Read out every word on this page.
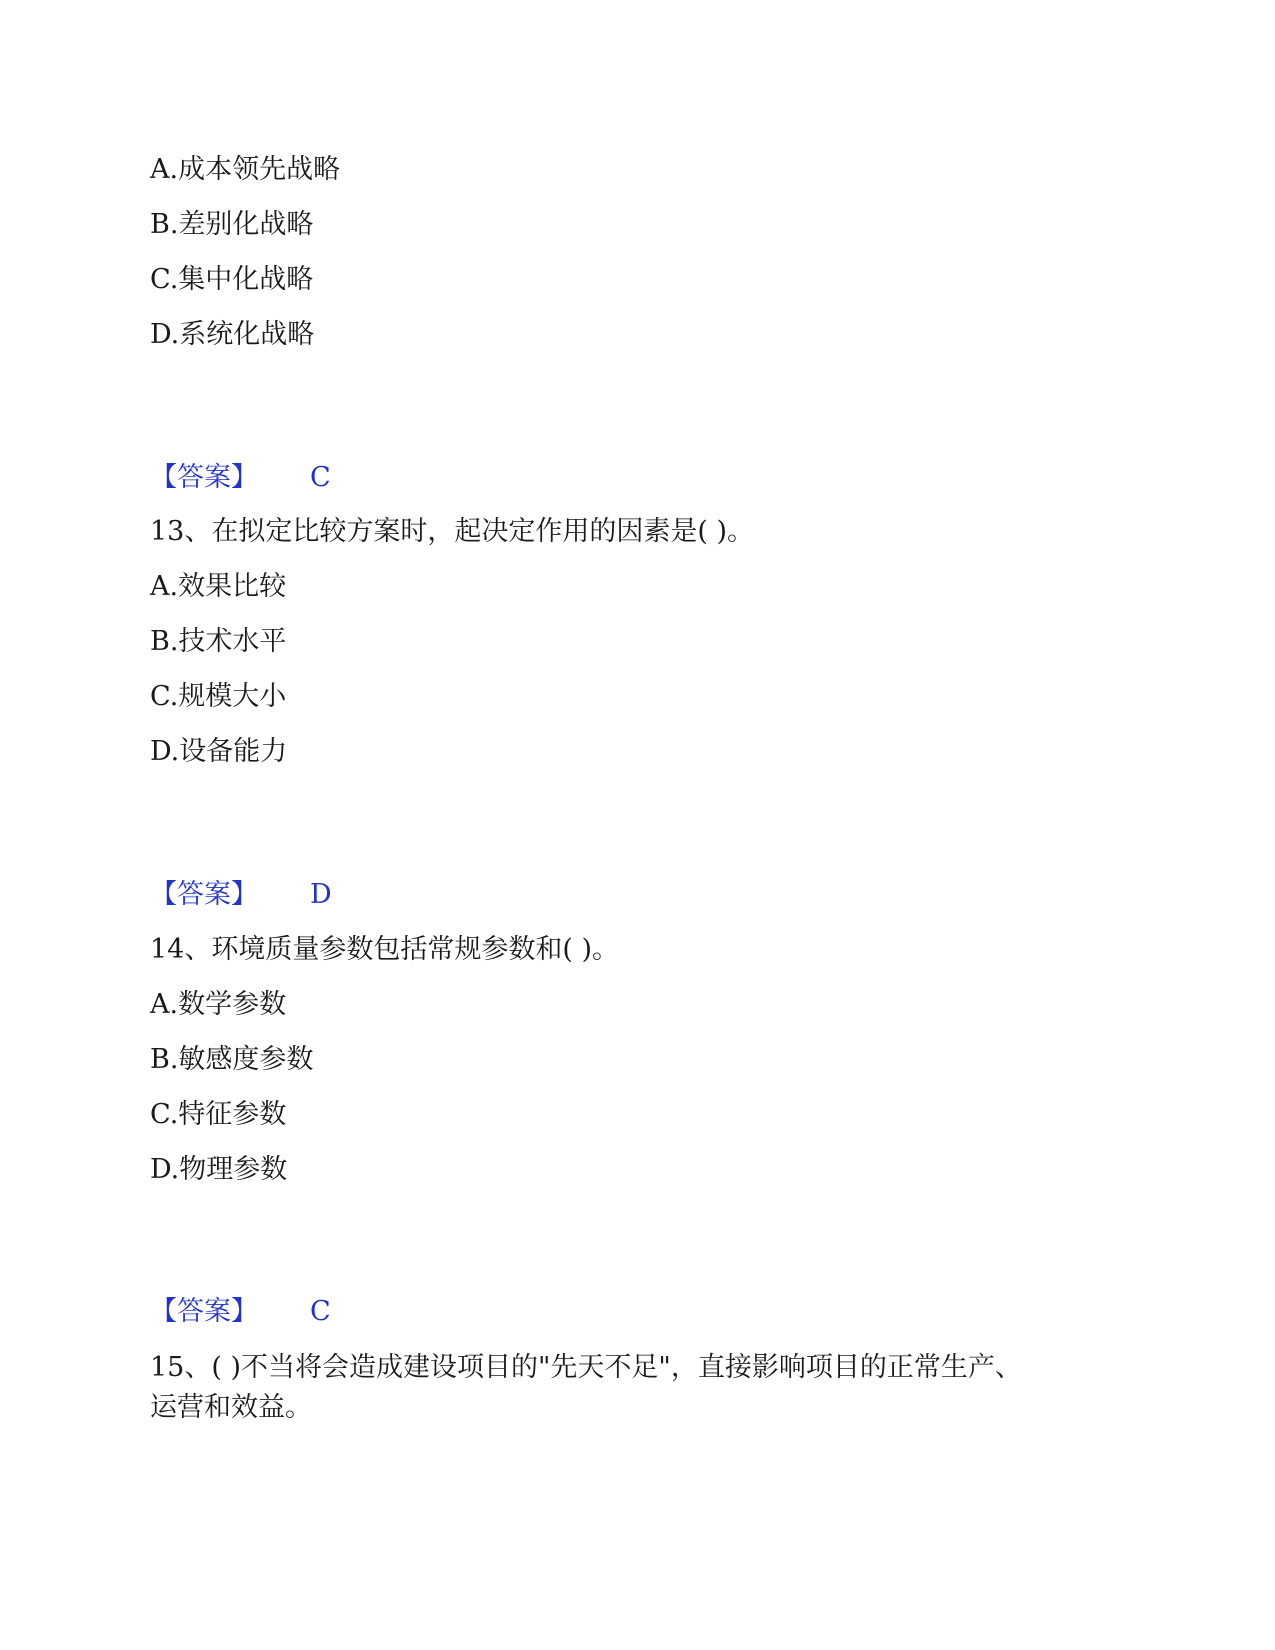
A.成本领先战略
B.差别化战略
C.集中化战略
D.系统化战略
【答案】 C
13、在拟定比较方案时，起决定作用的因素是( )。
A.效果比较
B.技术水平
C.规模大小
D.设备能力
【答案】 D
14、环境质量参数包括常规参数和( )。
A.数学参数
B.敏感度参数
C.特征参数
D.物理参数
【答案】 C
15、( )不当将会造成建设项目的"先天不足"，直接影响项目的正常生产、
运营和效益。
